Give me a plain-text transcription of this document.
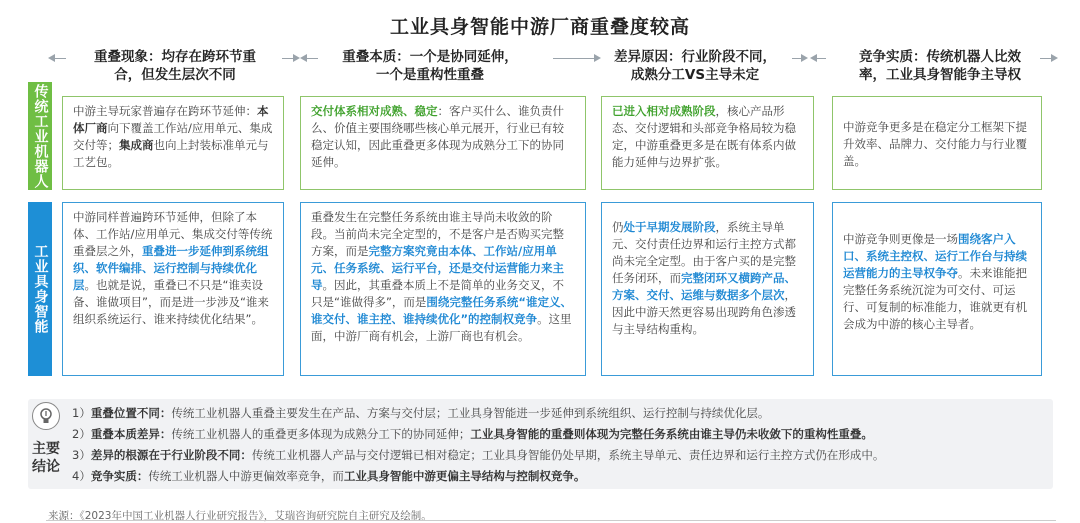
工业具身智能中游厂商重叠度较高
重叠现象：均存在跨环节重
合，但发生层次不同
重叠本质：一个是协同延伸，
一个是重构性重叠
差异原因：行业阶段不同，
成熟分工VS主导未定
竞争实质：传统机器人比效
率，工业具身智能争主导权
传统工业机器人
工业具身智能
中游主导玩家普遍存在跨环节延伸：本体厂商向下覆盖工作站/应用单元、集成交付等；集成商也向上封装标准单元与工艺包。
交付体系相对成熟、稳定：客户买什么、谁负责什么、价值主要围绕哪些核心单元展开，行业已有较稳定认知，因此重叠更多体现为成熟分工下的协同延伸。
已进入相对成熟阶段，核心产品形态、交付逻辑和头部竞争格局较为稳定，中游重叠更多是在既有体系内做能力延伸与边界扩张。
中游竞争更多是在稳定分工框架下提升效率、品牌力、交付能力与行业覆盖。
中游同样普遍跨环节延伸，但除了本体、工作站/应用单元、集成交付等传统重叠层之外，重叠进一步延伸到系统组织、软件编排、运行控制与持续优化层。也就是说，重叠已不只是“谁卖设备、谁做项目”，而是进一步涉及“谁来组织系统运行、谁来持续优化结果”。
重叠发生在完整任务系统由谁主导尚未收敛的阶段。当前尚未完全定型的，不是客户是否购买完整方案，而是完整方案究竟由本体、工作站/应用单元、任务系统、运行平台，还是交付运营能力来主导。因此，其重叠本质上不是简单的业务交叉，不只是“谁做得多”，而是围绕完整任务系统“谁定义、谁交付、谁主控、谁持续优化”的控制权竞争。这里面，中游厂商有机会，上游厂商也有机会。
仍处于早期发展阶段，系统主导单元、交付责任边界和运行主控方式都尚未完全定型。由于客户买的是完整任务闭环，而完整闭环又横跨产品、方案、交付、运维与数据多个层次，因此中游天然更容易出现跨角色渗透与主导结构重构。
中游竞争则更像是一场围绕客户入口、系统主控权、运行工作台与持续运营能力的主导权争夺。未来谁能把完整任务系统沉淀为可交付、可运行、可复制的标准能力，谁就更有机会成为中游的核心主导者。
主要
结论
1）重叠位置不同：传统工业机器人重叠主要发生在产品、方案与交付层；工业具身智能进一步延伸到系统组织、运行控制与持续优化层。
2）重叠本质差异：传统工业机器人的重叠更多体现为成熟分工下的协同延伸；工业具身智能的重叠则体现为完整任务系统由谁主导仍未收敛下的重构性重叠。
3）差异的根源在于行业阶段不同：传统工业机器人产品与交付逻辑已相对稳定；工业具身智能仍处早期，系统主导单元、责任边界和运行主控方式仍在形成中。
4）竞争实质：传统工业机器人中游更偏效率竞争，而工业具身智能中游更偏主导结构与控制权竞争。
来源：《2023年中国工业机器人行业研究报告》，艾瑞咨询研究院自主研究及绘制。
